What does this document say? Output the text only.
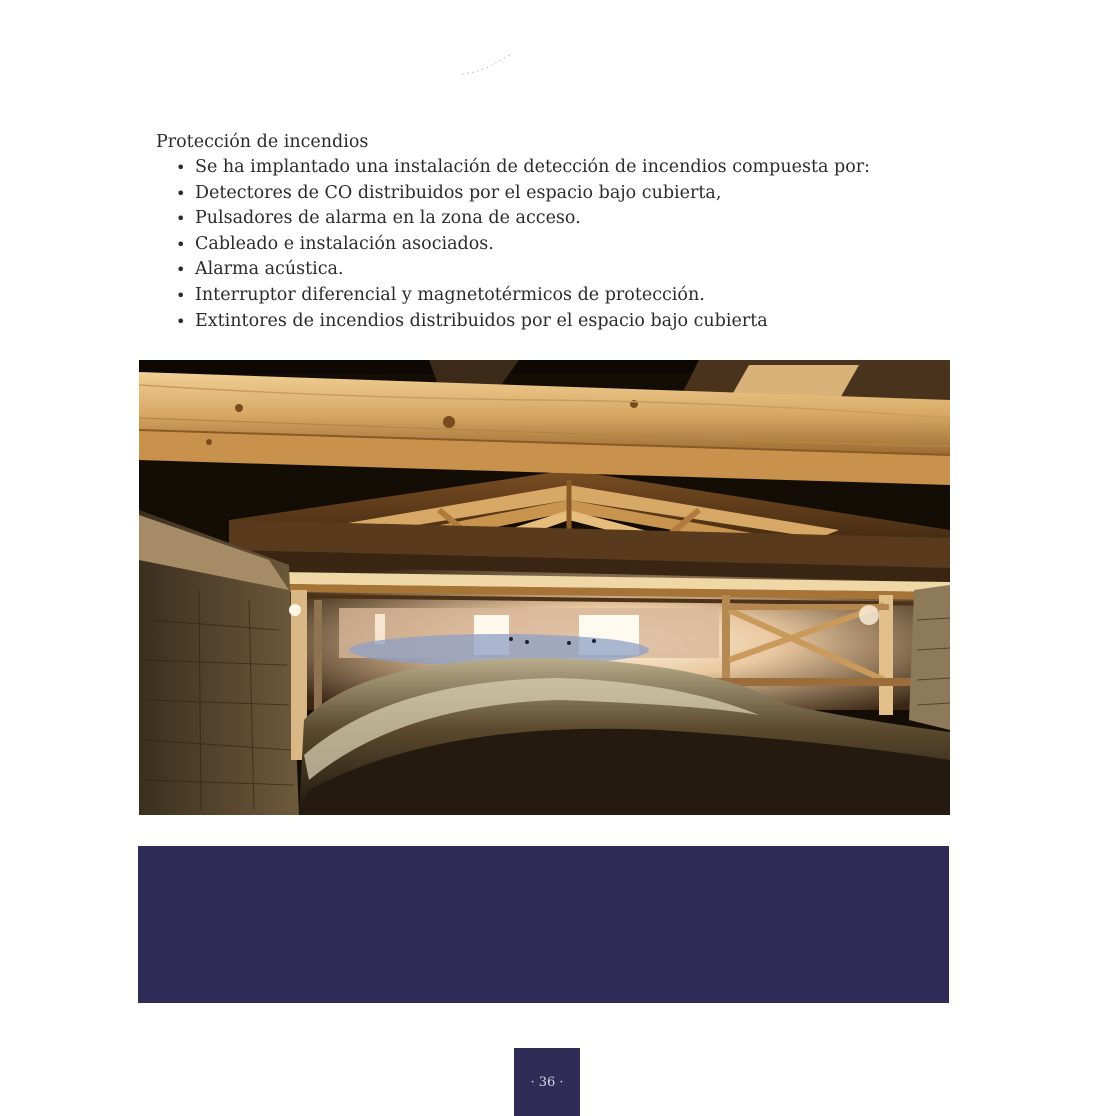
Protección de incendios
• Se ha implantado una instalación de detección de incendios compuesta por:
• Detectores de CO distribuidos por el espacio bajo cubierta,
• Pulsadores de alarma en la zona de acceso.
• Cableado e instalación asociados.
• Alarma acústica.
• Interruptor diferencial y magnetotérmicos de protección.
• Extintores de incendios distribuidos por el espacio bajo cubierta
· 36 ·
